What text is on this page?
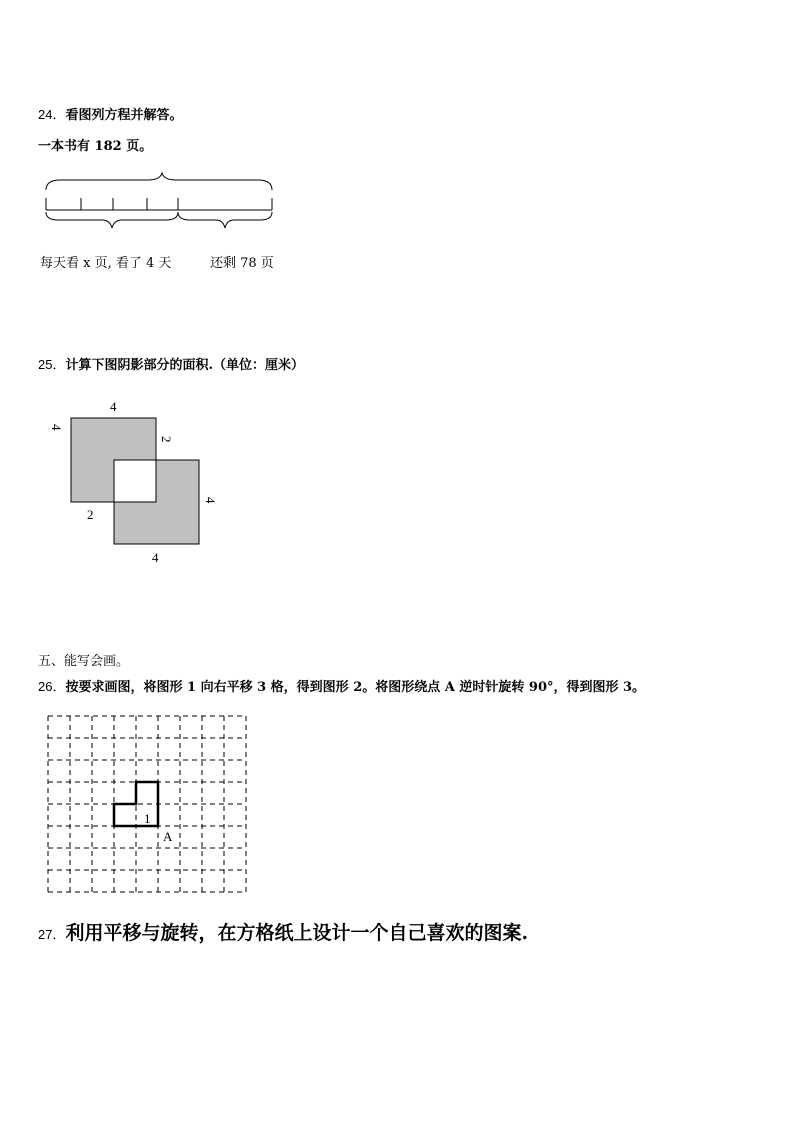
24．看图列方程并解答。
一本书有 182 页。
每天看 x 页, 看了 4 天	还剩 78 页
25．计算下图阴影部分的面积.（单位：厘米）
4
4
2
4
2
4
五、能写会画。
26．按要求画图，将图形 1 向右平移 3 格，得到图形 2。将图形绕点 A 逆时针旋转 90°，得到图形 3。
1
A
27．利用平移与旋转，在方格纸上设计一个自己喜欢的图案.
